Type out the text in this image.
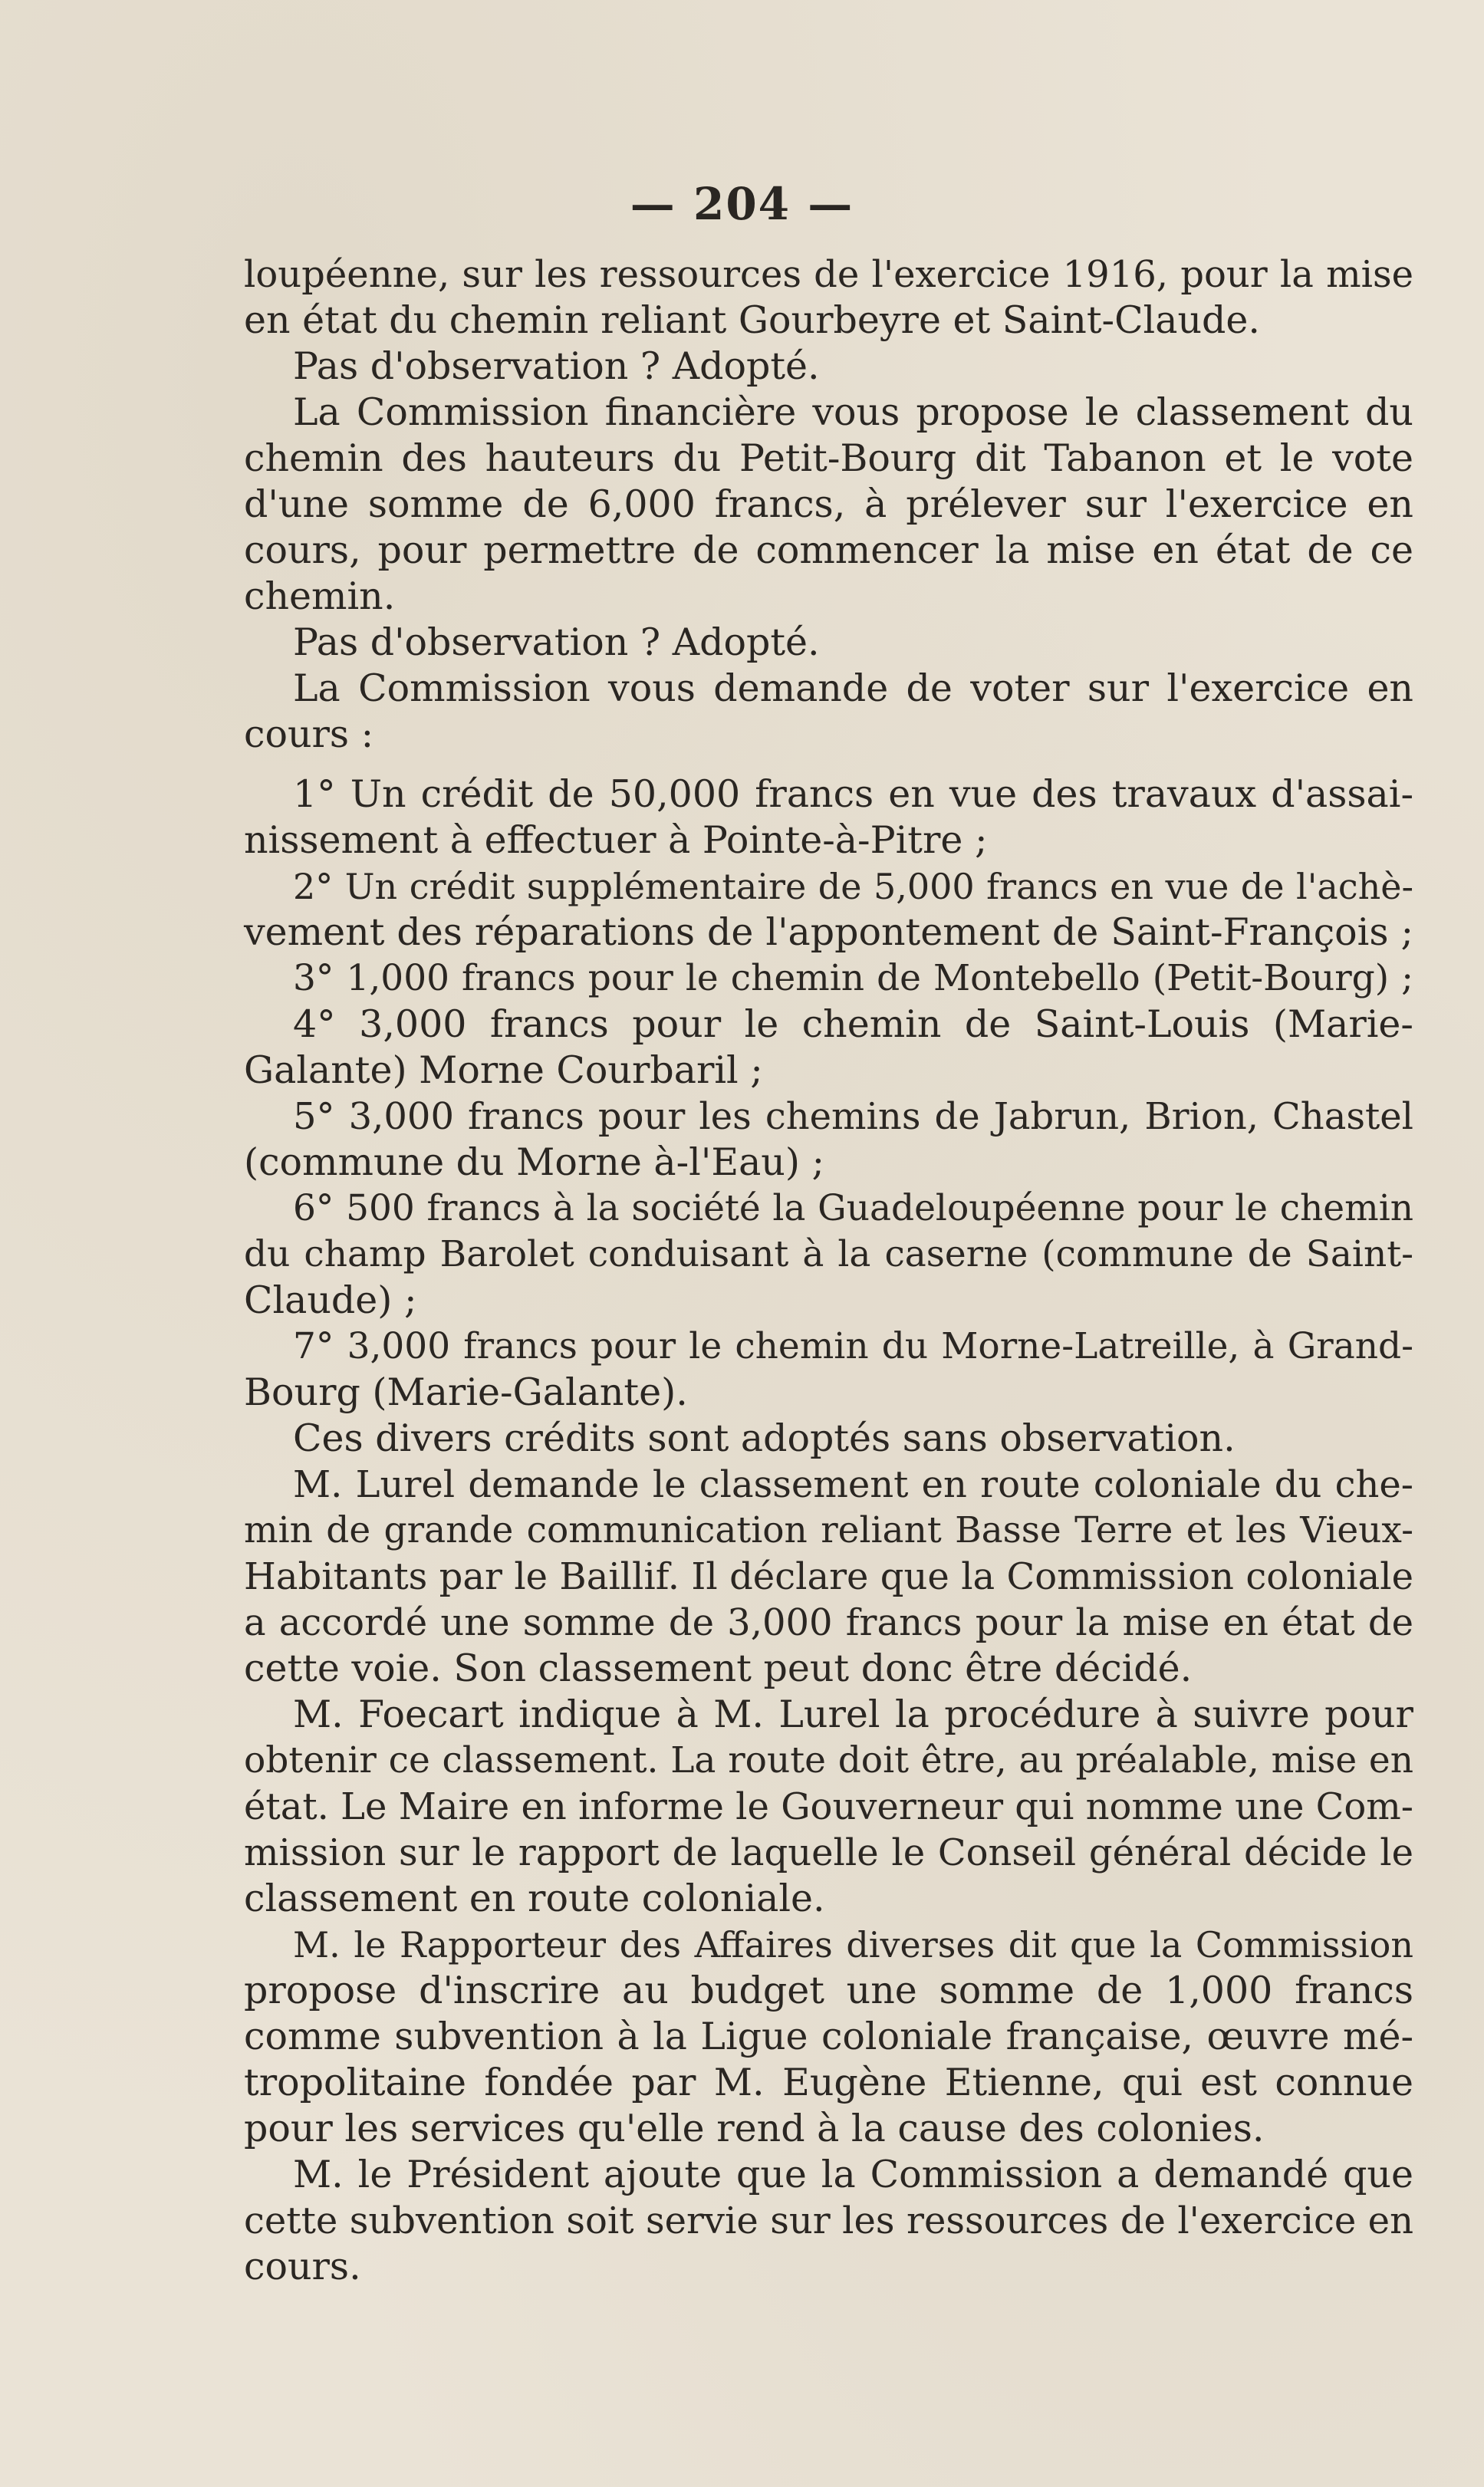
— 204 —
loupéenne, sur les ressources de l'exercice 1916, pour la mise
en état du chemin reliant Gourbeyre et Saint-Claude.
Pas d'observation ? Adopté.
La Commission financière vous propose le classement du
chemin des hauteurs du Petit-Bourg dit Tabanon et le vote
d'une somme de 6,000 francs, à prélever sur l'exercice en
cours, pour permettre de commencer la mise en état de ce
chemin.
Pas d'observation ? Adopté.
La Commission vous demande de voter sur l'exercice en
cours :
1° Un crédit de 50,000 francs en vue des travaux d'assai-
nissement à effectuer à Pointe-à-Pitre ;
2° Un crédit supplémentaire de 5,000 francs en vue de l'achè-
vement des réparations de l'appontement de Saint-François ;
3° 1,000 francs pour le chemin de Montebello (Petit-Bourg) ;
4° 3,000 francs pour le chemin de Saint-Louis (Marie-
Galante) Morne Courbaril ;
5° 3,000 francs pour les chemins de Jabrun, Brion, Chastel
(commune du Morne à-l'Eau) ;
6° 500 francs à la société la Guadeloupéenne pour le chemin
du champ Barolet conduisant à la caserne (commune de Saint-
Claude) ;
7° 3,000 francs pour le chemin du Morne-Latreille, à Grand-
Bourg (Marie-Galante).
Ces divers crédits sont adoptés sans observation.
M. Lurel demande le classement en route coloniale du che-
min de grande communication reliant Basse Terre et les Vieux-
Habitants par le Baillif. Il déclare que la Commission coloniale
a accordé une somme de 3,000 francs pour la mise en état de
cette voie. Son classement peut donc être décidé.
M. Foecart indique à M. Lurel la procédure à suivre pour
obtenir ce classement. La route doit être, au préalable, mise en
état. Le Maire en informe le Gouverneur qui nomme une Com-
mission sur le rapport de laquelle le Conseil général décide le
classement en route coloniale.
M. le Rapporteur des Affaires diverses dit que la Commission
propose d'inscrire au budget une somme de 1,000 francs
comme subvention à la Ligue coloniale française, œuvre mé-
tropolitaine fondée par M. Eugène Etienne, qui est connue
pour les services qu'elle rend à la cause des colonies.
M. le Président ajoute que la Commission a demandé que
cette subvention soit servie sur les ressources de l'exercice en
cours.
